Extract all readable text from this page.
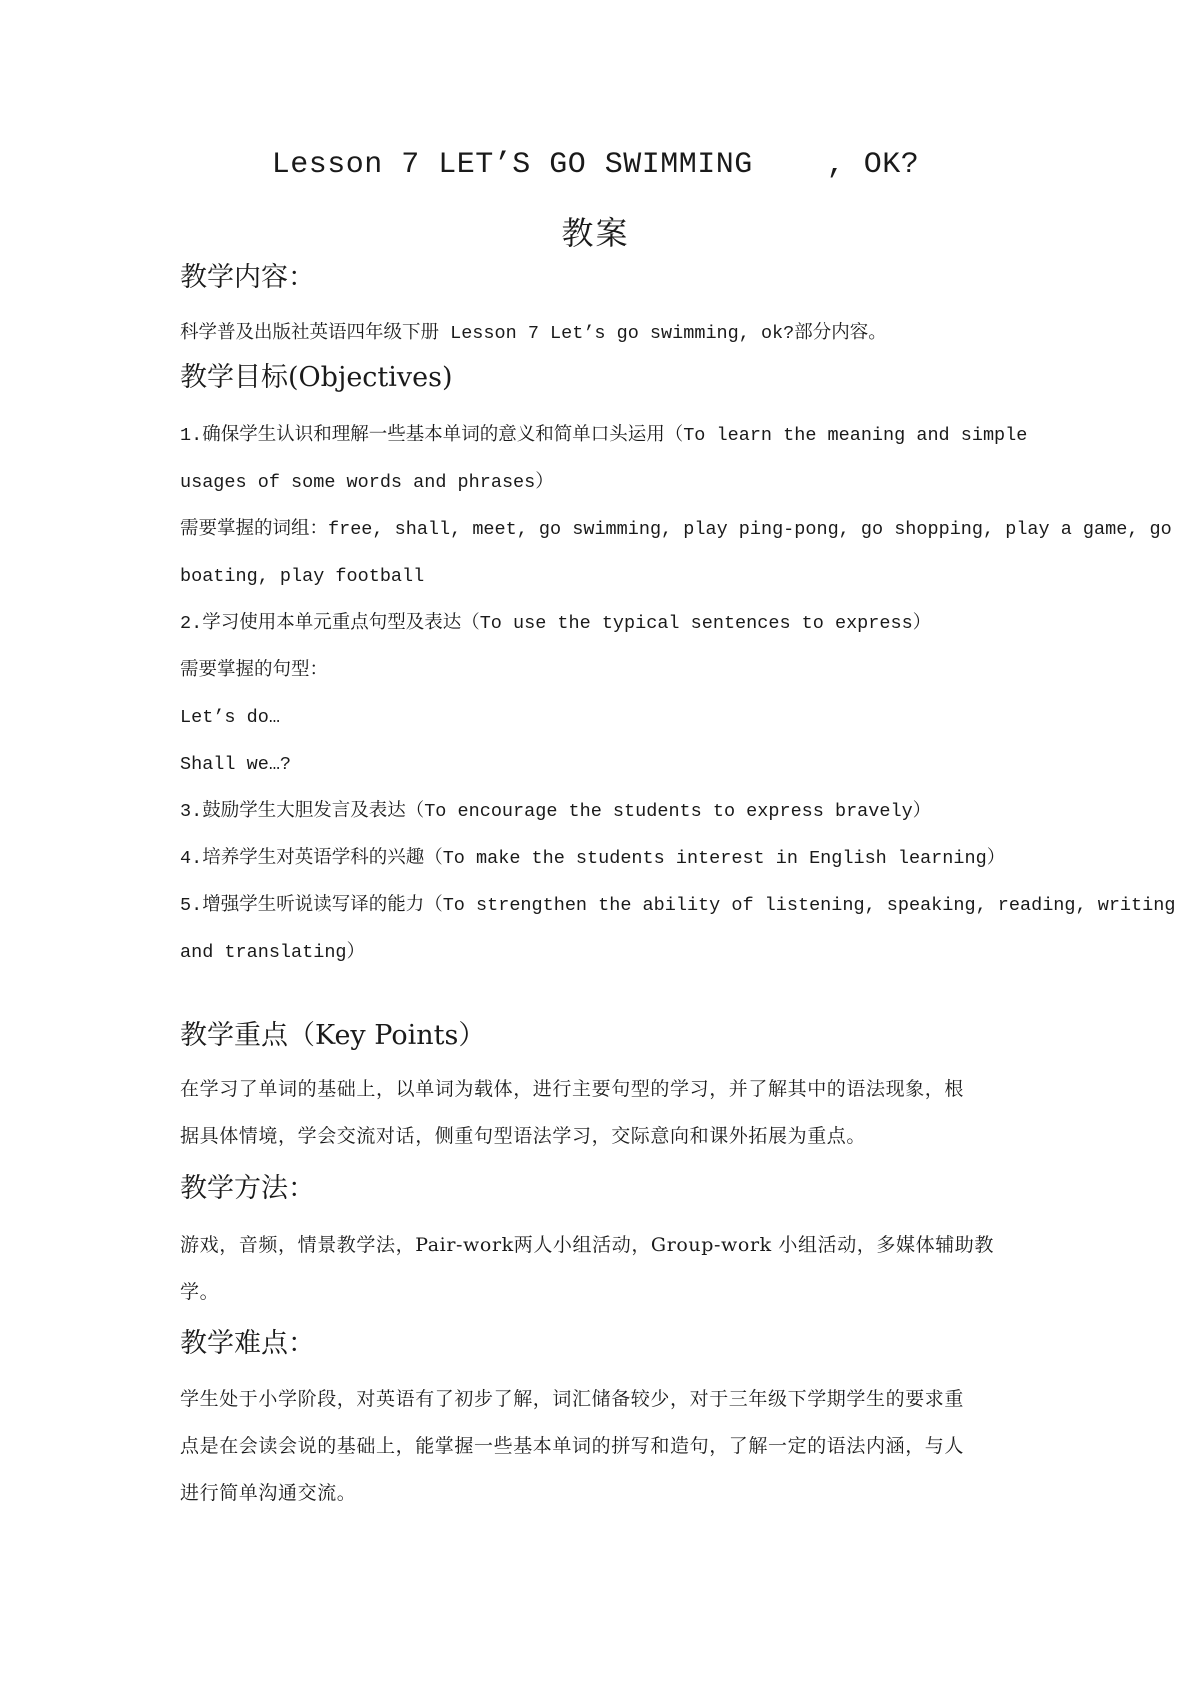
Lesson 7 LET’S GO SWIMMING    , OK?
教案
教学内容：
科学普及出版社英语四年级下册 Lesson 7 Let’s go swimming, ok?部分内容。
教学目标(Objectives)
1.确保学生认识和理解一些基本单词的意义和简单口头运用（To learn the meaning and simple
usages of some words and phrases）
需要掌握的词组：free, shall, meet, go swimming, play ping-pong, go shopping, play a game, go
boating, play football
2.学习使用本单元重点句型及表达（To use the typical sentences to express）
需要掌握的句型：
Let’s do…
Shall we…?
3.鼓励学生大胆发言及表达（To encourage the students to express bravely）
4.培养学生对英语学科的兴趣（To make the students interest in English learning）
5.增强学生听说读写译的能力（To strengthen the ability of listening, speaking, reading, writing
and translating）
教学重点（Key Points）
在学习了单词的基础上，以单词为载体，进行主要句型的学习，并了解其中的语法现象，根
据具体情境，学会交流对话，侧重句型语法学习，交际意向和课外拓展为重点。
教学方法：
游戏，音频，情景教学法，Pair-work两人小组活动，Group-work 小组活动，多媒体辅助教
学。
教学难点：
学生处于小学阶段，对英语有了初步了解，词汇储备较少，对于三年级下学期学生的要求重
点是在会读会说的基础上，能掌握一些基本单词的拼写和造句，了解一定的语法内涵，与人
进行简单沟通交流。
